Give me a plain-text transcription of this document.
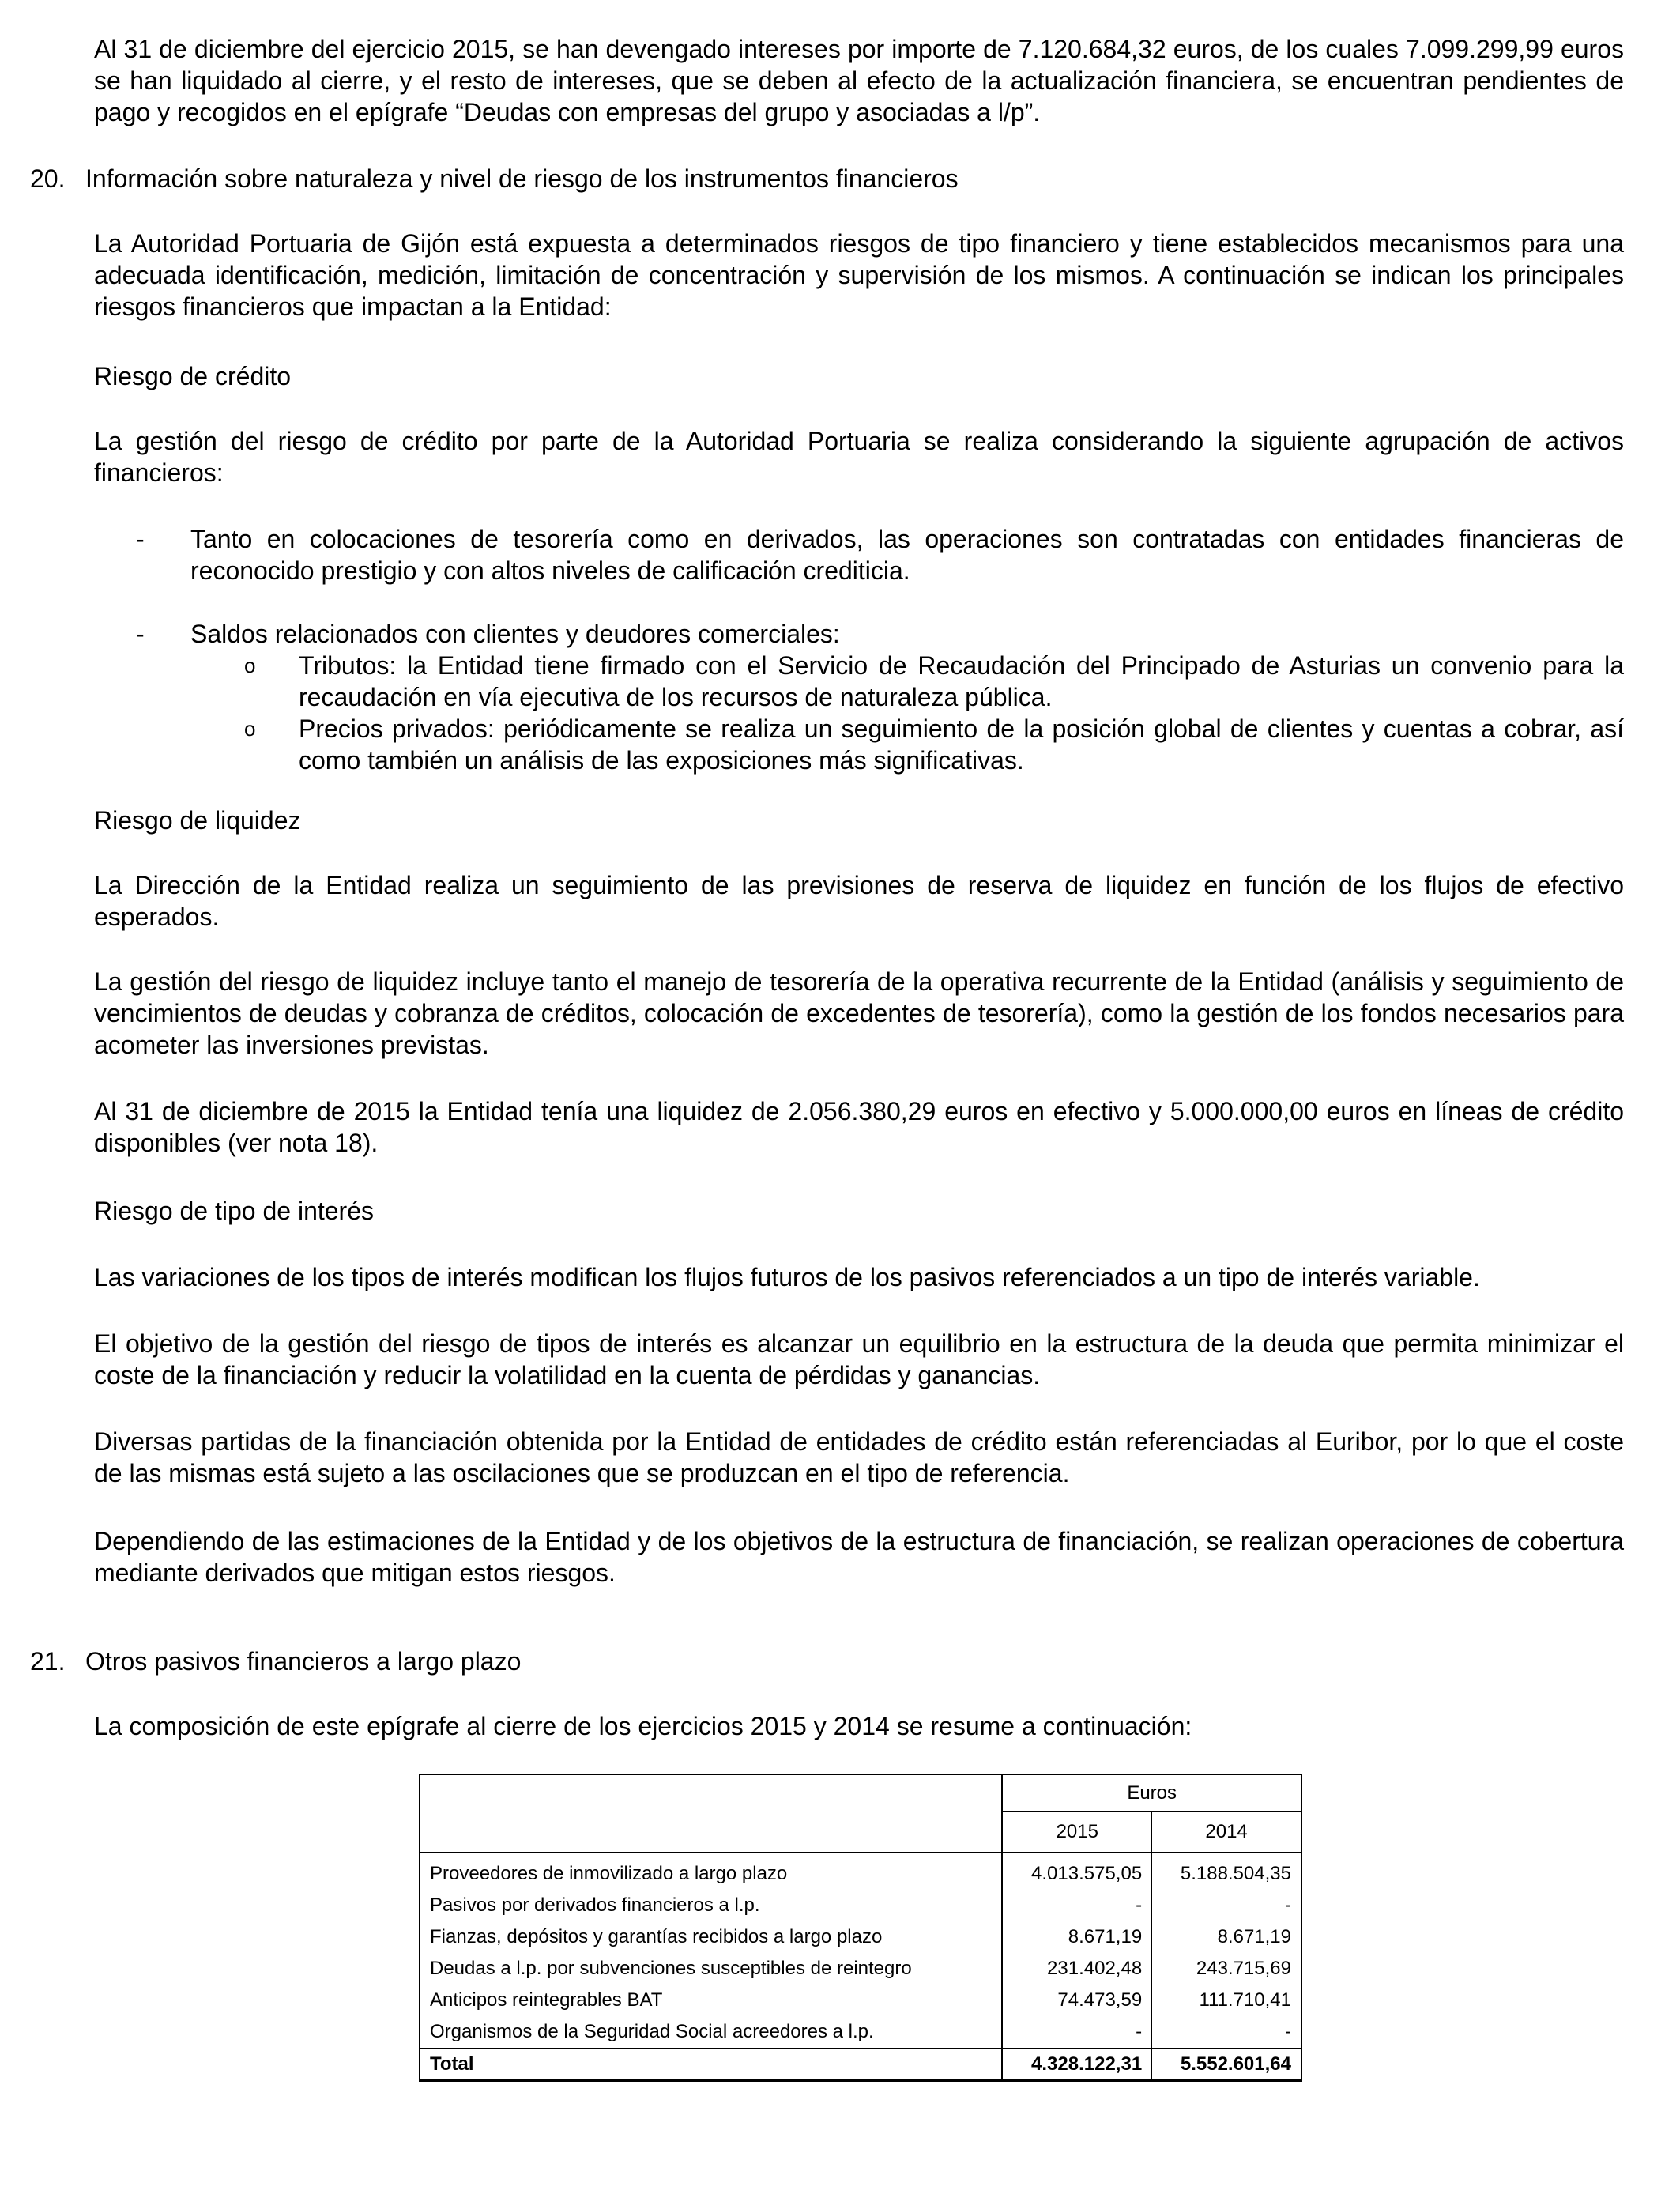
Al 31 de diciembre del ejercicio 2015, se han devengado intereses por importe de 7.120.684,32 euros, de los cuales 7.099.299,99 euros se han liquidado al cierre, y el resto de intereses, que se deben al efecto de la actualización financiera, se encuentran pendientes de pago y recogidos en el epígrafe “Deudas con empresas del grupo y asociadas a l/p”.

20. Información sobre naturaleza y nivel de riesgo de los instrumentos financieros

La Autoridad Portuaria de Gijón está expuesta a determinados riesgos de tipo financiero y tiene establecidos mecanismos para una adecuada identificación, medición, limitación de concentración y supervisión de los mismos. A continuación se indican los principales riesgos financieros que impactan a la Entidad:

Riesgo de crédito

La gestión del riesgo de crédito por parte de la Autoridad Portuaria se realiza considerando la siguiente agrupación de activos financieros:

- Tanto en colocaciones de tesorería como en derivados, las operaciones son contratadas con entidades financieras de reconocido prestigio y con altos niveles de calificación crediticia.

- Saldos relacionados con clientes y deudores comerciales:

o Tributos: la Entidad tiene firmado con el Servicio de Recaudación del Principado de Asturias un convenio para la recaudación en vía ejecutiva de los recursos de naturaleza pública.

o Precios privados: periódicamente se realiza un seguimiento de la posición global de clientes y cuentas a cobrar, así como también un análisis de las exposiciones más significativas.

Riesgo de liquidez

La Dirección de la Entidad realiza un seguimiento de las previsiones de reserva de liquidez en función de los flujos de efectivo esperados.

La gestión del riesgo de liquidez incluye tanto el manejo de tesorería de la operativa recurrente de la Entidad (análisis y seguimiento de vencimientos de deudas y cobranza de créditos, colocación de excedentes de tesorería), como la gestión de los fondos necesarios para acometer las inversiones previstas.

Al 31 de diciembre de 2015 la Entidad tenía una liquidez de 2.056.380,29 euros en efectivo y 5.000.000,00 euros en líneas de crédito disponibles (ver nota 18).

Riesgo de tipo de interés

Las variaciones de los tipos de interés modifican los flujos futuros de los pasivos referenciados a un tipo de interés variable.

El objetivo de la gestión del riesgo de tipos de interés es alcanzar un equilibrio en la estructura de la deuda que permita minimizar el coste de la financiación y reducir la volatilidad en la cuenta de pérdidas y ganancias.

Diversas partidas de la financiación obtenida por la Entidad de entidades de crédito están referenciadas al Euribor, por lo que el coste de las mismas está sujeto a las oscilaciones que se produzcan en el tipo de referencia.

Dependiendo de las estimaciones de la Entidad y de los objetivos de la estructura de financiación, se realizan operaciones de cobertura mediante derivados que mitigan estos riesgos.

21. Otros pasivos financieros a largo plazo

La composición de este epígrafe al cierre de los ejercicios 2015 y 2014 se resume a continuación:

	Euros	
	2015	2014
Proveedores de inmovilizado a largo plazo	4.013.575,05	5.188.504,35
Pasivos por derivados financieros a l.p.	-	-
Fianzas, depósitos y garantías recibidos a largo plazo	8.671,19	8.671,19
Deudas a l.p. por subvenciones susceptibles de reintegro	231.402,48	243.715,69
Anticipos reintegrables BAT	74.473,59	111.710,41
Organismos de la Seguridad Social acreedores a l.p.	-	-
Total	4.328.122,31	5.552.601,64
